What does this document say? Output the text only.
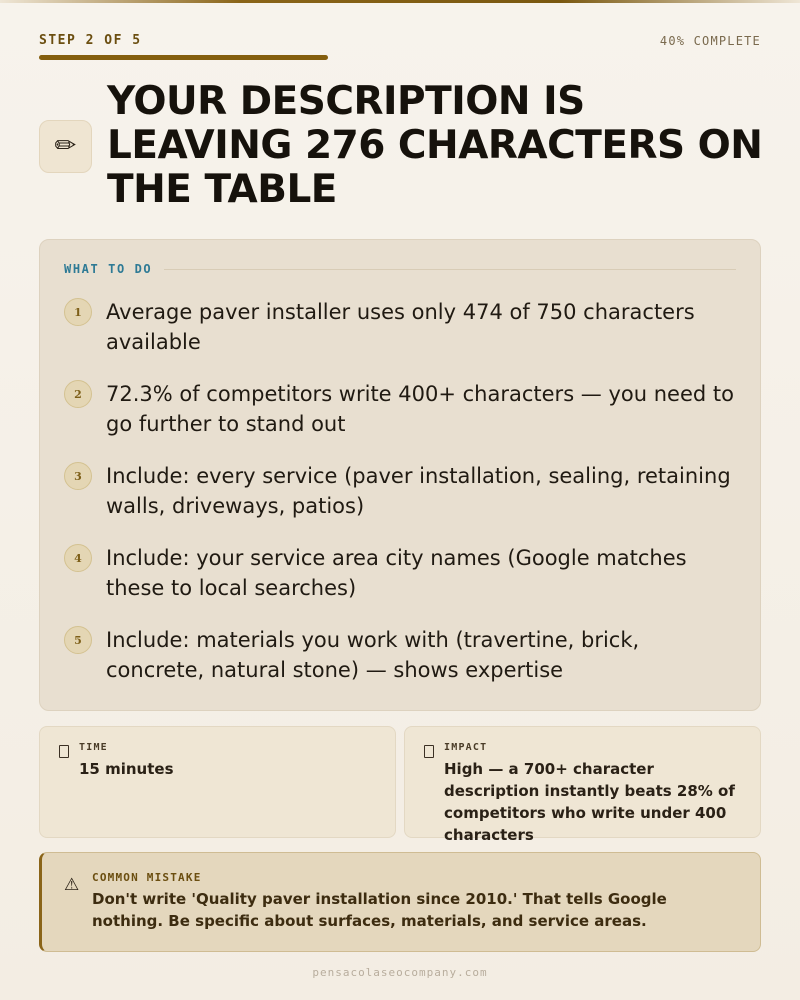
STEP 2 OF 5	40% COMPLETE
✏
YOUR DESCRIPTION IS LEAVING 276 CHARACTERS ON THE TABLE
WHAT TO DO
1	Average paver installer uses only 474 of 750 characters available
2	72.3% of competitors write 400+ characters — you need to go further to stand out
3	Include: every service (paver installation, sealing, retaining walls, driveways, patios)
4	Include: your service area city names (Google matches these to local searches)
5	Include: materials you work with (travertine, brick, concrete, natural stone) — shows expertise
TIME
15 minutes
IMPACT
High — a 700+ character description instantly beats 28% of competitors who write under 400 characters
⚠ COMMON MISTAKE
Don't write 'Quality paver installation since 2010.' That tells Google nothing. Be specific about surfaces, materials, and service areas.
pensacolaseocompany.com
